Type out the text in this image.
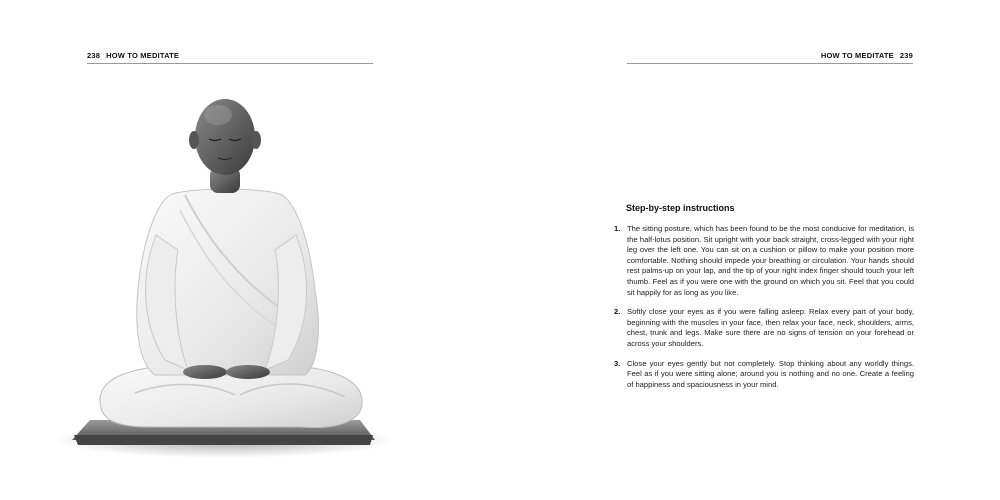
238 HOW TO MEDITATE	HOW TO MEDITATE 239
Step-by-step instructions
1. The sitting posture, which has been found to be the most conducive for meditation, is the half-lotus position. Sit upright with your back straight, cross-legged with your right leg over the left one. You can sit on a cushion or pillow to make your position more comfortable. Nothing should impede your breathing or circulation. Your hands should rest palms-up on your lap, and the tip of your right index finger should touch your left thumb. Feel as if you were one with the ground on which you sit. Feel that you could sit happily for as long as you like.
2. Softly close your eyes as if you were falling asleep. Relax every part of your body, beginning with the muscles in your face, then relax your face, neck, shoulders, arms, chest, trunk and legs. Make sure there are no signs of tension on your forehead or across your shoulders.
3. Close your eyes gently but not completely. Stop thinking about any worldly things. Feel as if you were sitting alone; around you is nothing and no one. Create a feeling of happiness and spaciousness in your mind.
